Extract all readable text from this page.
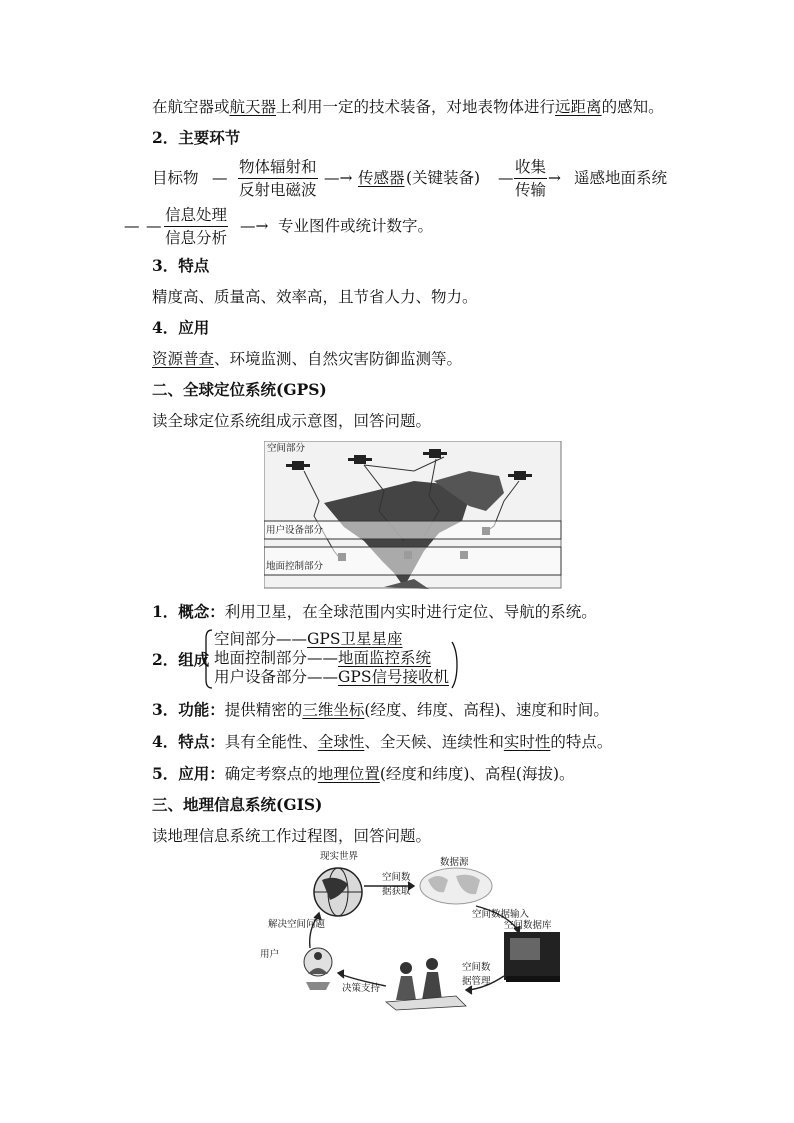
在航空器或航天器上利用一定的技术装备，对地表物体进行远距离的感知。
2．主要环节
目标物 —
物体辐射和
反射电磁波
—→ 传感器 (关键装备) —
收集
传输
→ 遥感地面系统
— —
信息处理
信息分析
—→ 专业图件或统计数字。
3．特点
精度高、质量高、效率高，且节省人力、物力。
4．应用
资源普查、环境监测、自然灾害防御监测等。
二、全球定位系统(GPS)
读全球定位系统组成示意图，回答问题。
空间部分
用户设备部分
地面控制部分
1．概念：利用卫星，在全球范围内实时进行定位、导航的系统。
2．组成
空间部分——GPS卫星星座
地面控制部分——地面监控系统
用户设备部分——GPS信号接收机
3．功能：提供精密的三维坐标(经度、纬度、高程)、速度和时间。
4．特点：具有全能性、全球性、全天候、连续性和实时性的特点。
5．应用：确定考察点的地理位置(经度和纬度)、高程(海拔)。
三、地理信息系统(GIS)
读地理信息系统工作过程图，回答问题。
现实世界
空间数
据获取
数据源
空间数据输入
空间数据库
空间数
据管理
决策支持
用户
解决空间问题
